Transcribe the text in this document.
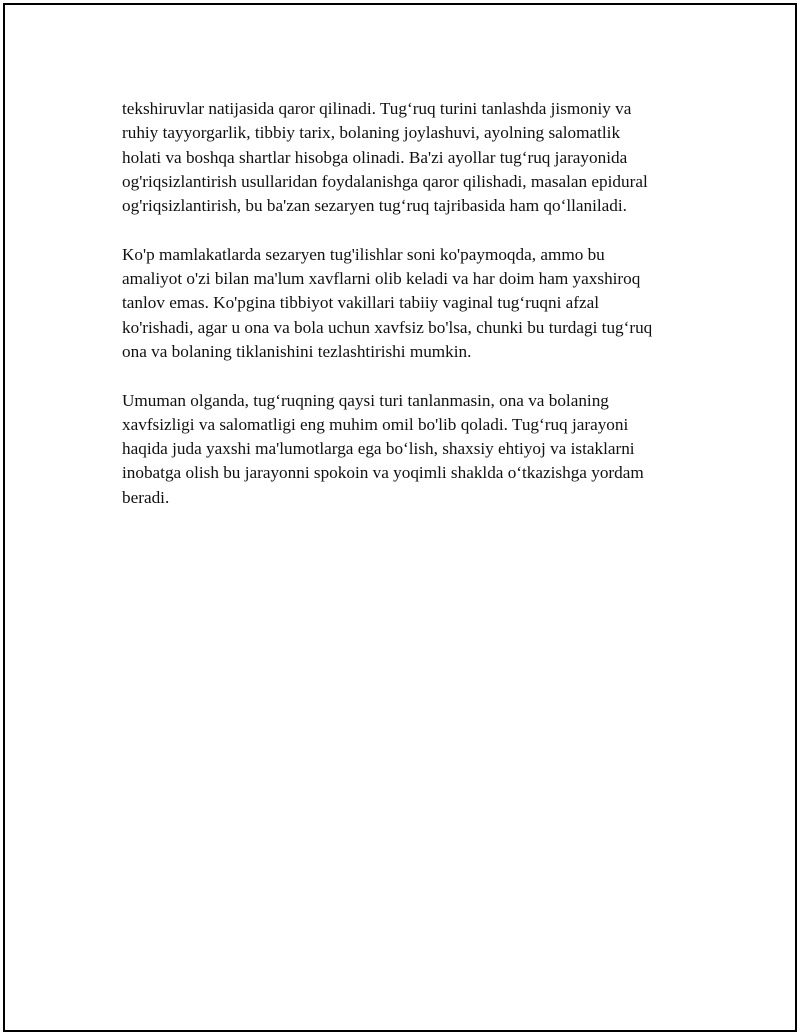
tekshiruvlar natijasida qaror qilinadi. Tug‘ruq turini tanlashda jismoniy va
ruhiy tayyorgarlik, tibbiy tarix, bolaning joylashuvi, ayolning salomatlik
holati va boshqa shartlar hisobga olinadi. Ba'zi ayollar tug‘ruq jarayonida
og'riqsizlantirish usullaridan foydalanishga qaror qilishadi, masalan epidural
og'riqsizlantirish, bu ba'zan sezaryen tug‘ruq tajribasida ham qo‘llaniladi.

Ko'p mamlakatlarda sezaryen tug'ilishlar soni ko'paymoqda, ammo bu
amaliyot o'zi bilan ma'lum xavflarni olib keladi va har doim ham yaxshiroq
tanlov emas. Ko'pgina tibbiyot vakillari tabiiy vaginal tug‘ruqni afzal
ko'rishadi, agar u ona va bola uchun xavfsiz bo'lsa, chunki bu turdagi tug‘ruq
ona va bolaning tiklanishini tezlashtirishi mumkin.

Umuman olganda, tug‘ruqning qaysi turi tanlanmasin, ona va bolaning
xavfsizligi va salomatligi eng muhim omil bo'lib qoladi. Tug‘ruq jarayoni
haqida juda yaxshi ma'lumotlarga ega bo‘lish, shaxsiy ehtiyoj va istaklarni
inobatga olish bu jarayonni spokoin va yoqimli shaklda o‘tkazishga yordam
beradi.
